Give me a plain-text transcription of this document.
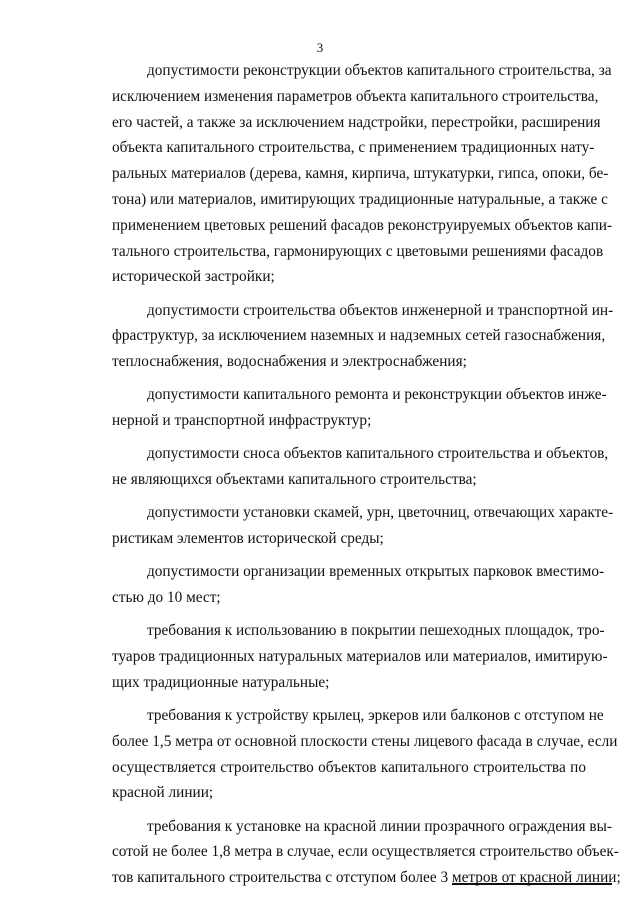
3

допустимости реконструкции объектов капитального строительства, за
исключением изменения параметров объекта капитального строительства,
его частей, а также за исключением надстройки, перестройки, расширения
объекта капитального строительства, с применением традиционных нату-
ральных материалов (дерева, камня, кирпича, штукатурки, гипса, опоки, бе-
тона) или материалов, имитирующих традиционные натуральные, а также с
применением цветовых решений фасадов реконструируемых объектов капи-
тального строительства, гармонирующих с цветовыми решениями фасадов
исторической застройки;

допустимости строительства объектов инженерной и транспортной ин-
фраструктур, за исключением наземных и надземных сетей газоснабжения,
теплоснабжения, водоснабжения и электроснабжения;

допустимости капитального ремонта и реконструкции объектов инже-
нерной и транспортной инфраструктур;

допустимости сноса объектов капитального строительства и объектов,
не являющихся объектами капитального строительства;

допустимости установки скамей, урн, цветочниц, отвечающих характе-
ристикам элементов исторической среды;

допустимости организации временных открытых парковок вместимо-
стью до 10 мест;

требования к использованию в покрытии пешеходных площадок, тро-
туаров традиционных натуральных материалов или материалов, имитирую-
щих традиционные натуральные;

требования к устройству крылец, эркеров или балконов с отступом не
более 1,5 метра от основной плоскости стены лицевого фасада в случае, если
осуществляется строительство объектов капитального строительства по
красной линии;

требования к установке на красной линии прозрачного ограждения вы-
сотой не более 1,8 метра в случае, если осуществляется строительство объек-
тов капитального строительства с отступом более 3 метров от красной линии;
